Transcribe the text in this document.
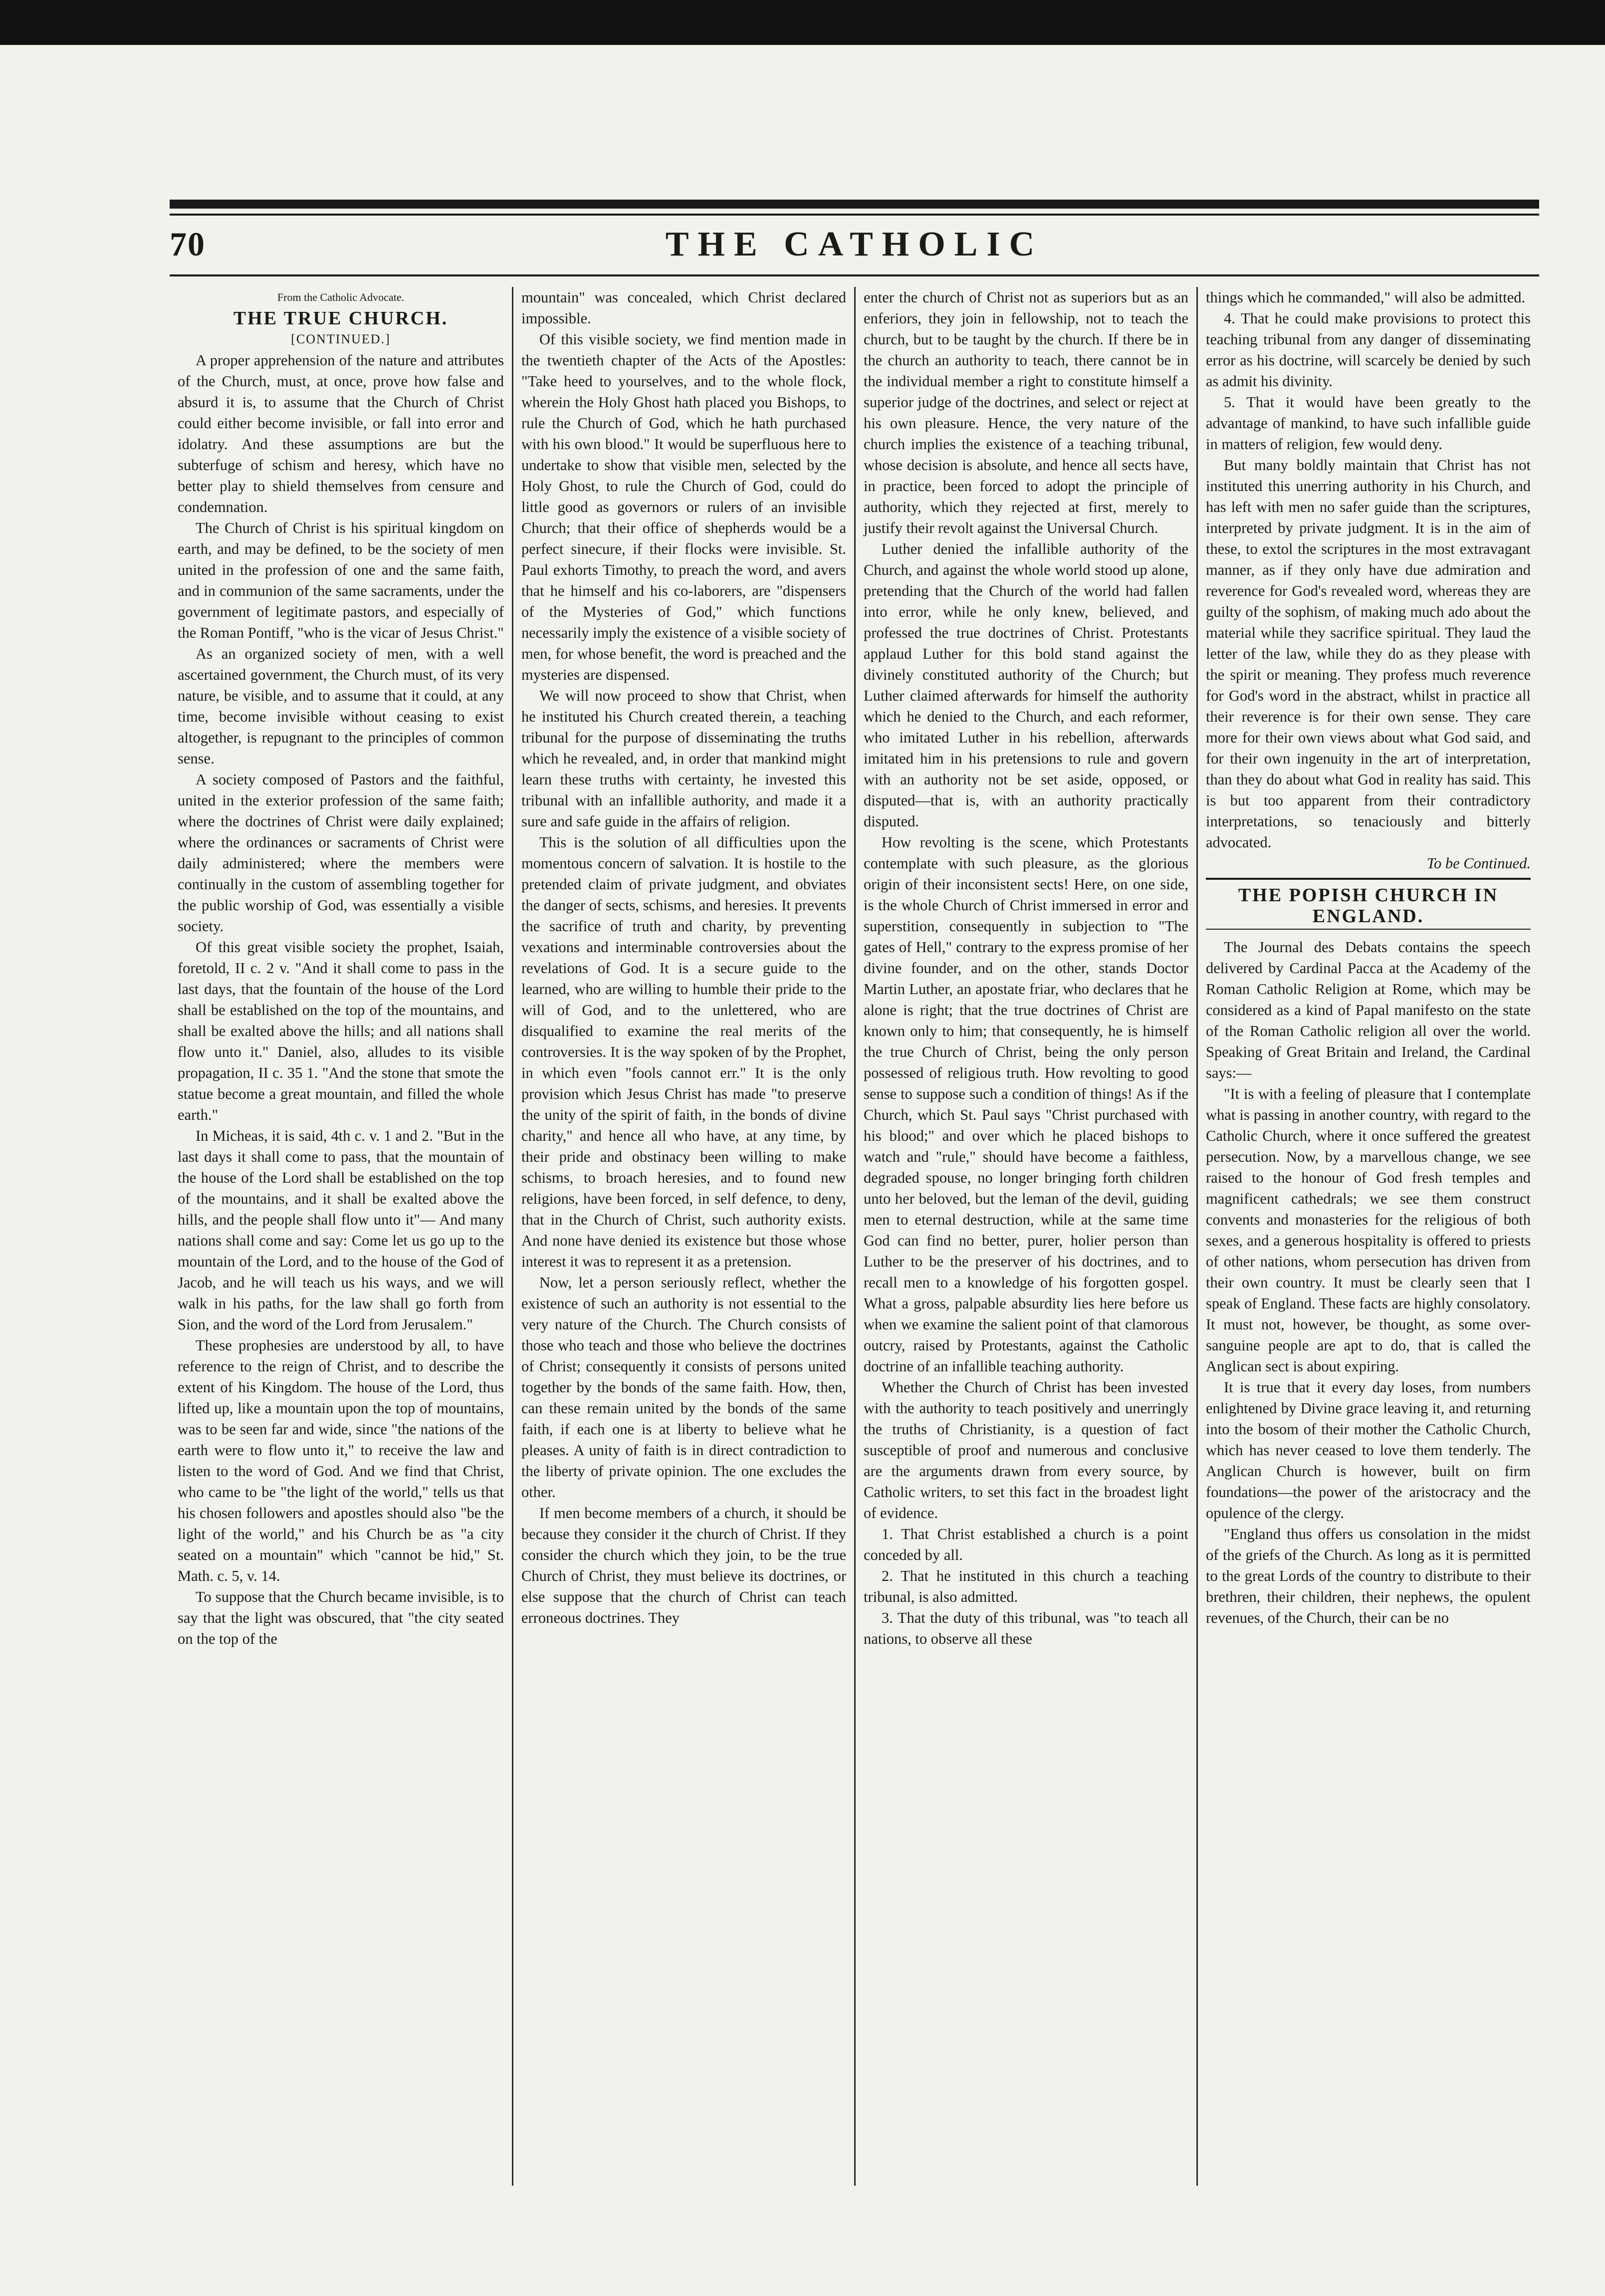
70	THE CATHOLIC

From the Catholic Advocate.

THE TRUE CHURCH.

[CONTINUED.]

A proper apprehension of the nature and attributes of the Church, must, at once, prove how false and absurd it is, to assume that the Church of Christ could either become invisible, or fall into error and idolatry. And these assumptions are but the subterfuge of schism and heresy, which have no better play to shield themselves from censure and condemnation.

The Church of Christ is his spiritual kingdom on earth, and may be defined, to be the society of men united in the profession of one and the same faith, and in communion of the same sacraments, under the government of legitimate pastors, and especially of the Roman Pontiff, "who is the vicar of Jesus Christ."

As an organized society of men, with a well ascertained government, the Church must, of its very nature, be visible, and to assume that it could, at any time, become invisible without ceasing to exist altogether, is repugnant to the principles of common sense.

A society composed of Pastors and the faithful, united in the exterior profession of the same faith; where the doctrines of Christ were daily explained; where the ordinances or sacraments of Christ were daily administered; where the members were continually in the custom of assembling together for the public worship of God, was essentially a visible society.

Of this great visible society the prophet, Isaiah, foretold, II c. 2 v. "And it shall come to pass in the last days, that the fountain of the house of the Lord shall be established on the top of the mountains, and shall be exalted above the hills; and all nations shall flow unto it." Daniel, also, alludes to its visible propagation, II c. 35 1. "And the stone that smote the statue become a great mountain, and filled the whole earth."

In Micheas, it is said, 4th c. v. 1 and 2. "But in the last days it shall come to pass, that the mountain of the house of the Lord shall be established on the top of the mountains, and it shall be exalted above the hills, and the people shall flow unto it"— And many nations shall come and say: Come let us go up to the mountain of the Lord, and to the house of the God of Jacob, and he will teach us his ways, and we will walk in his paths, for the law shall go forth from Sion, and the word of the Lord from Jerusalem."

These prophesies are understood by all, to have reference to the reign of Christ, and to describe the extent of his Kingdom. The house of the Lord, thus lifted up, like a mountain upon the top of mountains, was to be seen far and wide, since "the nations of the earth were to flow unto it," to receive the law and listen to the word of God. And we find that Christ, who came to be "the light of the world," tells us that his chosen followers and apostles should also "be the light of the world," and his Church be as "a city seated on a mountain" which "cannot be hid," St. Math. c. 5, v. 14.

To suppose that the Church became invisible, is to say that the light was obscured, that "the city seated on the top of the

mountain" was concealed, which Christ declared impossible.

Of this visible society, we find mention made in the twentieth chapter of the Acts of the Apostles: "Take heed to yourselves, and to the whole flock, wherein the Holy Ghost hath placed you Bishops, to rule the Church of God, which he hath purchased with his own blood." It would be superfluous here to undertake to show that visible men, selected by the Holy Ghost, to rule the Church of God, could do little good as governors or rulers of an invisible Church; that their office of shepherds would be a perfect sinecure, if their flocks were invisible. St. Paul exhorts Timothy, to preach the word, and avers that he himself and his co-laborers, are "dispensers of the Mysteries of God," which functions necessarily imply the existence of a visible society of men, for whose benefit, the word is preached and the mysteries are dispensed.

We will now proceed to show that Christ, when he instituted his Church created therein, a teaching tribunal for the purpose of disseminating the truths which he revealed, and, in order that mankind might learn these truths with certainty, he invested this tribunal with an infallible authority, and made it a sure and safe guide in the affairs of religion.

This is the solution of all difficulties upon the momentous concern of salvation. It is hostile to the pretended claim of private judgment, and obviates the danger of sects, schisms, and heresies. It prevents the sacrifice of truth and charity, by preventing vexations and interminable controversies about the revelations of God. It is a secure guide to the learned, who are willing to humble their pride to the will of God, and to the unlettered, who are disqualified to examine the real merits of the controversies. It is the way spoken of by the Prophet, in which even "fools cannot err." It is the only provision which Jesus Christ has made "to preserve the unity of the spirit of faith, in the bonds of divine charity," and hence all who have, at any time, by their pride and obstinacy been willing to make schisms, to broach heresies, and to found new religions, have been forced, in self defence, to deny, that in the Church of Christ, such authority exists. And none have denied its existence but those whose interest it was to represent it as a pretension.

Now, let a person seriously reflect, whether the existence of such an authority is not essential to the very nature of the Church. The Church consists of those who teach and those who believe the doctrines of Christ; consequently it consists of persons united together by the bonds of the same faith. How, then, can these remain united by the bonds of the same faith, if each one is at liberty to believe what he pleases. A unity of faith is in direct contradiction to the liberty of private opinion. The one excludes the other.

If men become members of a church, it should be because they consider it the church of Christ. If they consider the church which they join, to be the true Church of Christ, they must believe its doctrines, or else suppose that the church of Christ can teach erroneous doctrines. They

enter the church of Christ not as superiors but as an enferiors, they join in fellowship, not to teach the church, but to be taught by the church. If there be in the church an authority to teach, there cannot be in the individual member a right to constitute himself a superior judge of the doctrines, and select or reject at his own pleasure. Hence, the very nature of the church implies the existence of a teaching tribunal, whose decision is absolute, and hence all sects have, in practice, been forced to adopt the principle of authority, which they rejected at first, merely to justify their revolt against the Universal Church.

Luther denied the infallible authority of the Church, and against the whole world stood up alone, pretending that the Church of the world had fallen into error, while he only knew, believed, and professed the true doctrines of Christ. Protestants applaud Luther for this bold stand against the divinely constituted authority of the Church; but Luther claimed afterwards for himself the authority which he denied to the Church, and each reformer, who imitated Luther in his rebellion, afterwards imitated him in his pretensions to rule and govern with an authority not be set aside, opposed, or disputed—that is, with an authority practically disputed.

How revolting is the scene, which Protestants contemplate with such pleasure, as the glorious origin of their inconsistent sects! Here, on one side, is the whole Church of Christ immersed in error and superstition, consequently in subjection to "The gates of Hell," contrary to the express promise of her divine founder, and on the other, stands Doctor Martin Luther, an apostate friar, who declares that he alone is right; that the true doctrines of Christ are known only to him; that consequently, he is himself the true Church of Christ, being the only person possessed of religious truth. How revolting to good sense to suppose such a condition of things! As if the Church, which St. Paul says "Christ purchased with his blood;" and over which he placed bishops to watch and "rule," should have become a faithless, degraded spouse, no longer bringing forth children unto her beloved, but the leman of the devil, guiding men to eternal destruction, while at the same time God can find no better, purer, holier person than Luther to be the preserver of his doctrines, and to recall men to a knowledge of his forgotten gospel. What a gross, palpable absurdity lies here before us when we examine the salient point of that clamorous outcry, raised by Protestants, against the Catholic doctrine of an infallible teaching authority.

Whether the Church of Christ has been invested with the authority to teach positively and unerringly the truths of Christianity, is a question of fact susceptible of proof and numerous and conclusive are the arguments drawn from every source, by Catholic writers, to set this fact in the broadest light of evidence.

1. That Christ established a church is a point conceded by all.

2. That he instituted in this church a teaching tribunal, is also admitted.

3. That the duty of this tribunal, was "to teach all nations, to observe all these

things which he commanded," will also be admitted.

4. That he could make provisions to protect this teaching tribunal from any danger of disseminating error as his doctrine, will scarcely be denied by such as admit his divinity.

5. That it would have been greatly to the advantage of mankind, to have such infallible guide in matters of religion, few would deny.

But many boldly maintain that Christ has not instituted this unerring authority in his Church, and has left with men no safer guide than the scriptures, interpreted by private judgment. It is in the aim of these, to extol the scriptures in the most extravagant manner, as if they only have due admiration and reverence for God's revealed word, whereas they are guilty of the sophism, of making much ado about the material while they sacrifice spiritual. They laud the letter of the law, while they do as they please with the spirit or meaning. They profess much reverence for God's word in the abstract, whilst in practice all their reverence is for their own sense. They care more for their own views about what God said, and for their own ingenuity in the art of interpretation, than they do about what God in reality has said. This is but too apparent from their contradictory interpretations, so tenaciously and bitterly advocated.

To be Continued.

THE POPISH CHURCH IN ENGLAND.

The Journal des Debats contains the speech delivered by Cardinal Pacca at the Academy of the Roman Catholic Religion at Rome, which may be considered as a kind of Papal manifesto on the state of the Roman Catholic religion all over the world. Speaking of Great Britain and Ireland, the Cardinal says:—

"It is with a feeling of pleasure that I contemplate what is passing in another country, with regard to the Catholic Church, where it once suffered the greatest persecution. Now, by a marvellous change, we see raised to the honour of God fresh temples and magnificent cathedrals; we see them construct convents and monasteries for the religious of both sexes, and a generous hospitality is offered to priests of other nations, whom persecution has driven from their own country. It must be clearly seen that I speak of England. These facts are highly consolatory. It must not, however, be thought, as some over-sanguine people are apt to do, that is called the Anglican sect is about expiring.

It is true that it every day loses, from numbers enlightened by Divine grace leaving it, and returning into the bosom of their mother the Catholic Church, which has never ceased to love them tenderly. The Anglican Church is however, built on firm foundations—the power of the aristocracy and the opulence of the clergy.

"England thus offers us consolation in the midst of the griefs of the Church. As long as it is permitted to the great Lords of the country to distribute to their brethren, their children, their nephews, the opulent revenues, of the Church, their can be no
